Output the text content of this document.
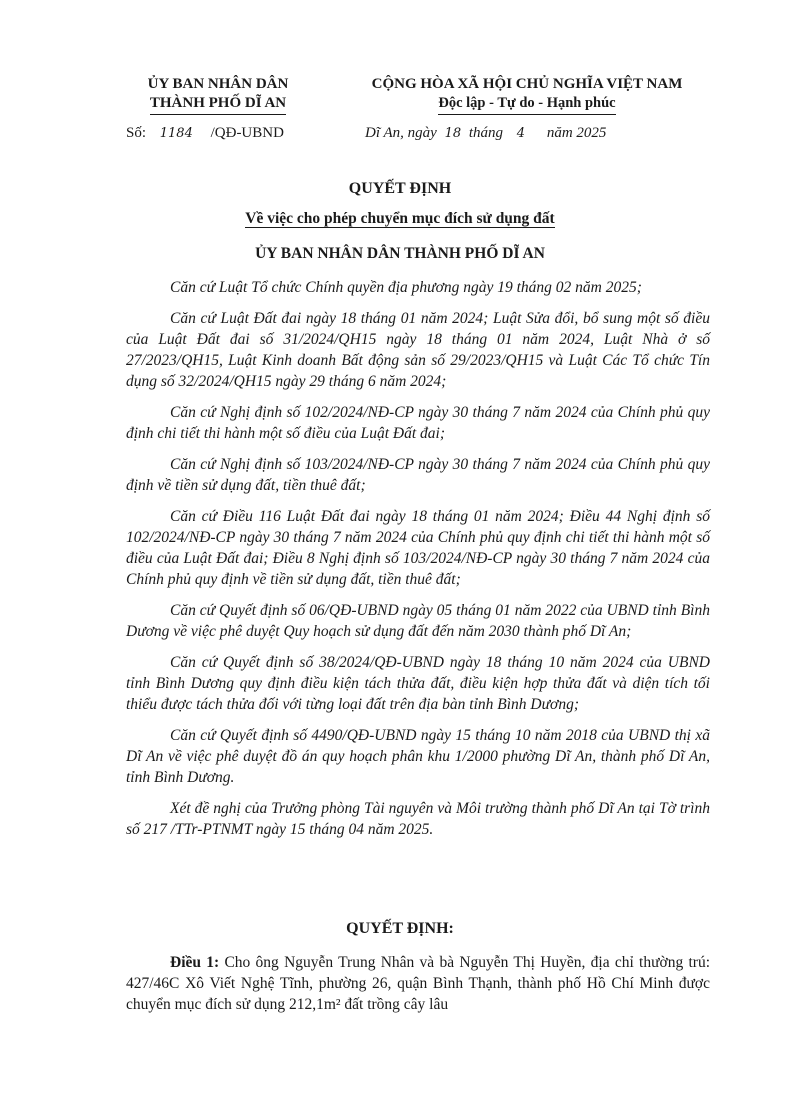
ỦY BAN NHÂN DÂN
THÀNH PHỐ DĨ AN
CỘNG HÒA XÃ HỘI CHỦ NGHĨA VIỆT NAM
Độc lập - Tự do - Hạnh phúc
Số: 1184 /QĐ-UBND	Dĩ An, ngày 18 tháng 4 năm 2025
QUYẾT ĐỊNH
Về việc cho phép chuyển mục đích sử dụng đất
ỦY BAN NHÂN DÂN THÀNH PHỐ DĨ AN

Căn cứ Luật Tổ chức Chính quyền địa phương ngày 19 tháng 02 năm 2025;

Căn cứ Luật Đất đai ngày 18 tháng 01 năm 2024; Luật Sửa đổi, bổ sung một số điều của Luật Đất đai số 31/2024/QH15 ngày 18 tháng 01 năm 2024, Luật Nhà ở số 27/2023/QH15, Luật Kinh doanh Bất động sản số 29/2023/QH15 và Luật Các Tổ chức Tín dụng số 32/2024/QH15 ngày 29 tháng 6 năm 2024;

Căn cứ Nghị định số 102/2024/NĐ-CP ngày 30 tháng 7 năm 2024 của Chính phủ quy định chi tiết thi hành một số điều của Luật Đất đai;

Căn cứ Nghị định số 103/2024/NĐ-CP ngày 30 tháng 7 năm 2024 của Chính phủ quy định về tiền sử dụng đất, tiền thuê đất;

Căn cứ Điều 116 Luật Đất đai ngày 18 tháng 01 năm 2024; Điều 44 Nghị định số 102/2024/NĐ-CP ngày 30 tháng 7 năm 2024 của Chính phủ quy định chi tiết thi hành một số điều của Luật Đất đai; Điều 8 Nghị định số 103/2024/NĐ-CP ngày 30 tháng 7 năm 2024 của Chính phủ quy định về tiền sử dụng đất, tiền thuê đất;

Căn cứ Quyết định số 06/QĐ-UBND ngày 05 tháng 01 năm 2022 của UBND tỉnh Bình Dương về việc phê duyệt Quy hoạch sử dụng đất đến năm 2030 thành phố Dĩ An;

Căn cứ Quyết định số 38/2024/QĐ-UBND ngày 18 tháng 10 năm 2024 của UBND tỉnh Bình Dương quy định điều kiện tách thửa đất, điều kiện hợp thửa đất và diện tích tối thiểu được tách thửa đối với từng loại đất trên địa bàn tỉnh Bình Dương;

Căn cứ Quyết định số 4490/QĐ-UBND ngày 15 tháng 10 năm 2018 của UBND thị xã Dĩ An về việc phê duyệt đồ án quy hoạch phân khu 1/2000 phường Dĩ An, thành phố Dĩ An, tỉnh Bình Dương.

Xét đề nghị của Trưởng phòng Tài nguyên và Môi trường thành phố Dĩ An tại Tờ trình số 217 /TTr-PTNMT ngày 15 tháng 04 năm 2025.

QUYẾT ĐỊNH:
Điều 1: Cho ông Nguyễn Trung Nhân và bà Nguyễn Thị Huyền, địa chỉ thường trú: 427/46C Xô Viết Nghệ Tĩnh, phường 26, quận Bình Thạnh, thành phố Hồ Chí Minh được chuyển mục đích sử dụng 212,1m² đất trồng cây lâu
